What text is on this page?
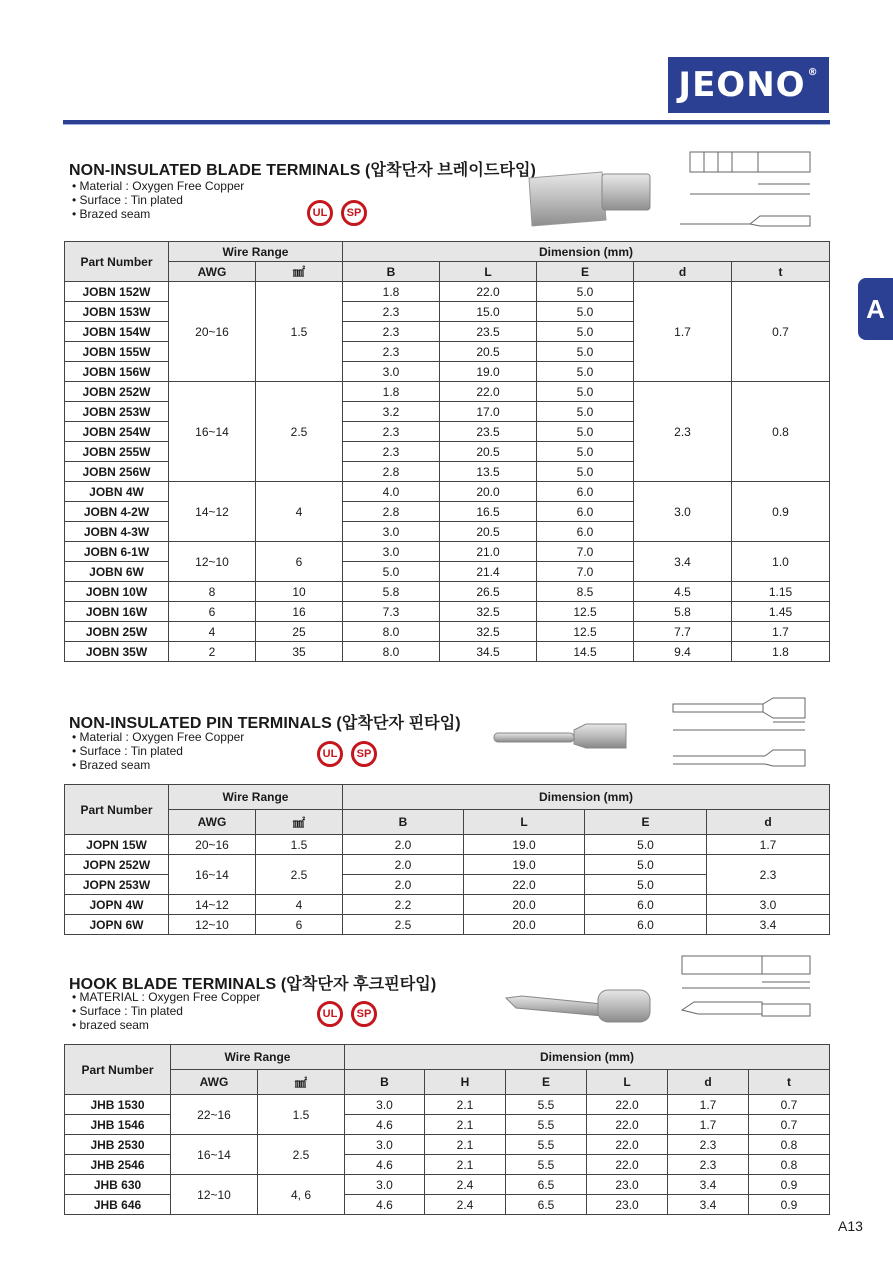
JEONO®
A
NON-INSULATED BLADE TERMINALS (압착단자 브레이드타입)
• Material : Oxygen Free Copper
• Surface : Tin plated
• Brazed seam	UL	SP
Part Number	Wire Range		Dimension (mm)				
	AWG	㎟	B	L	E	d	t
JOBN 152W	20~16	1.5	1.8	22.0	5.0	1.7	0.7
JOBN 153W			2.3	15.0	5.0		
JOBN 154W			2.3	23.5	5.0		
JOBN 155W			2.3	20.5	5.0		
JOBN 156W			3.0	19.0	5.0		
JOBN 252W	16~14	2.5	1.8	22.0	5.0	2.3	0.8
JOBN 253W			3.2	17.0	5.0		
JOBN 254W			2.3	23.5	5.0		
JOBN 255W			2.3	20.5	5.0		
JOBN 256W			2.8	13.5	5.0		
JOBN 4W	14~12	4	4.0	20.0	6.0	3.0	0.9
JOBN 4-2W			2.8	16.5	6.0		
JOBN 4-3W			3.0	20.5	6.0		
JOBN 6-1W	12~10	6	3.0	21.0	7.0	3.4	1.0
JOBN 6W			5.0	21.4	7.0		
JOBN 10W	8	10	5.8	26.5	8.5	4.5	1.15
JOBN 16W	6	16	7.3	32.5	12.5	5.8	1.45
JOBN 25W	4	25	8.0	32.5	12.5	7.7	1.7
JOBN 35W	2	35	8.0	34.5	14.5	9.4	1.8
NON-INSULATED PIN TERMINALS (압착단자 핀타입)
• Material : Oxygen Free Copper
• Surface : Tin plated
• Brazed seam
UL	SP
Part Number	Wire Range		Dimension (mm)			
	AWG	㎟	B	L	E	d
JOPN 15W	20~16	1.5	2.0	19.0	5.0	1.7
JOPN 252W	16~14	2.5	2.0	19.0	5.0	2.3
JOPN 253W			2.0	22.0	5.0	
JOPN 4W	14~12	4	2.2	20.0	6.0	3.0
JOPN 6W	12~10	6	2.5	20.0	6.0	3.4
HOOK BLADE TERMINALS (압착단자 후크핀타입)
• MATERIAL : Oxygen Free Copper
• Surface : Tin plated
• brazed seam
UL	SP
Part Number	Wire Range		Dimension (mm)					
	AWG	㎟	B	H	E	L	d	t
JHB 1530	22~16	1.5	3.0	2.1	5.5	22.0	1.7	0.7
JHB 1546			4.6	2.1	5.5	22.0	1.7	0.7
JHB 2530	16~14	2.5	3.0	2.1	5.5	22.0	2.3	0.8
JHB 2546			4.6	2.1	5.5	22.0	2.3	0.8
JHB 630	12~10	4, 6	3.0	2.4	6.5	23.0	3.4	0.9
JHB 646			4.6	2.4	6.5	23.0	3.4	0.9
A13
